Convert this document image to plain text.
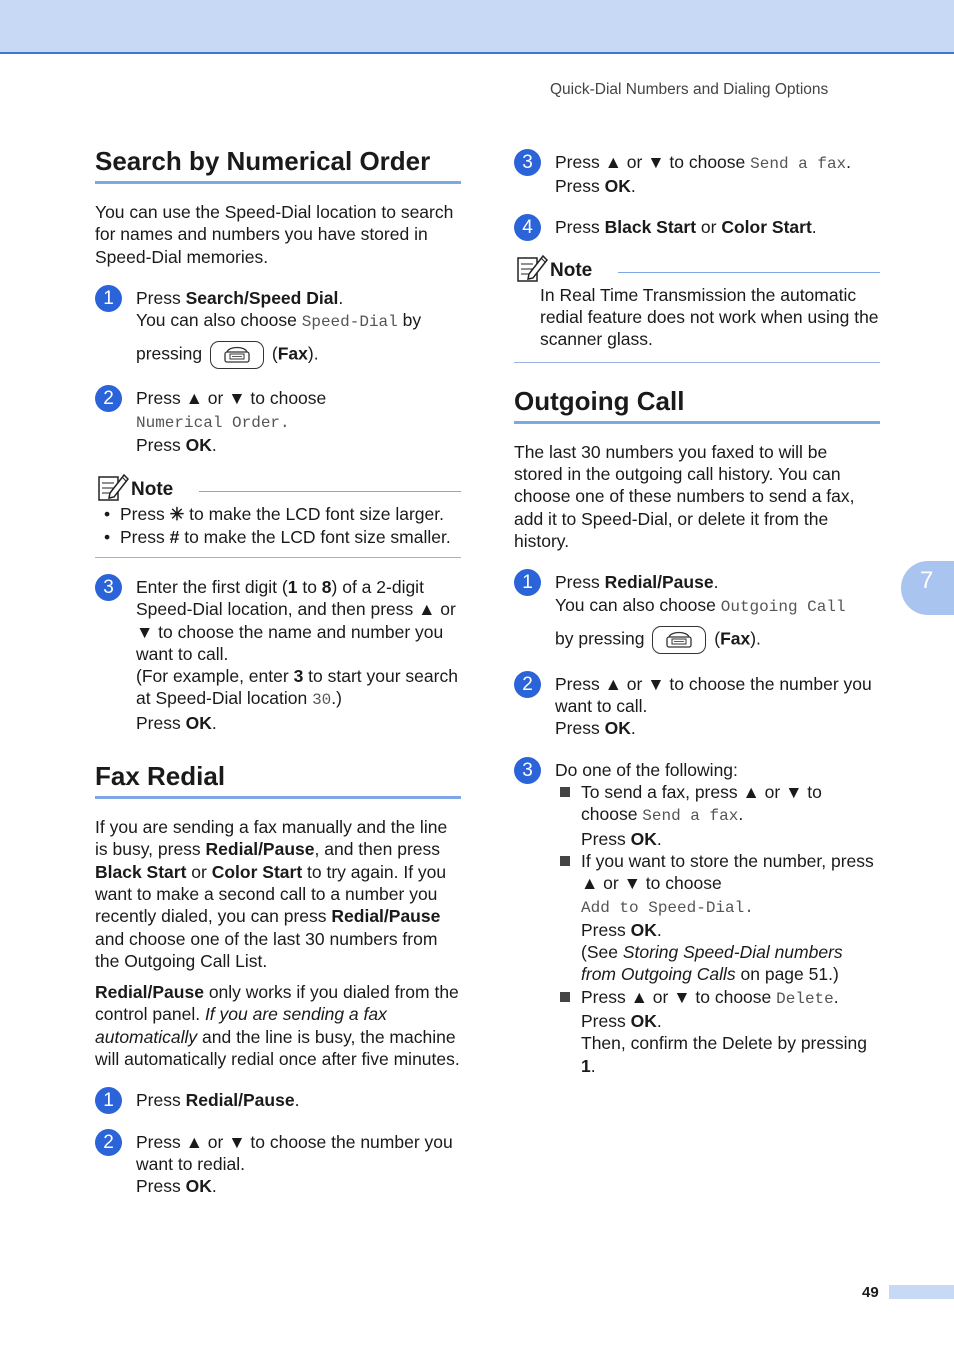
Quick-Dial Numbers and Dialing Options
Search by Numerical Order

You can use the Speed-Dial location to search for names and numbers you have stored in Speed-Dial memories.

1	Press Search/Speed Dial.

You can also choose Speed-Dial by

pressing	(Fax).

2	Press ▲ or ▼ to choose

Numerical Order.

Press OK.

Note

• Press ✳ to make the LCD font size larger.

• Press # to make the LCD font size smaller.

3	Enter the first digit (1 to 8) of a 2-digit Speed-Dial location, and then press ▲ or ▼ to choose the name and number you want to call.

(For example, enter 3 to start your search at Speed-Dial location 30.)

Press OK.

Fax Redial

If you are sending a fax manually and the line is busy, press Redial/Pause, and then press Black Start or Color Start to try again. If you want to make a second call to a number you recently dialed, you can press Redial/Pause and choose one of the last 30 numbers from the Outgoing Call List.

Redial/Pause only works if you dialed from the control panel. If you are sending a fax automatically and the line is busy, the machine will automatically redial once after five minutes.

1	Press Redial/Pause.

2	Press ▲ or ▼ to choose the number you want to redial.

Press OK.

3	Press ▲ or ▼ to choose Send a fax.

Press OK.

4	Press Black Start or Color Start.

Note

In Real Time Transmission the automatic redial feature does not work when using the scanner glass.

Outgoing Call

The last 30 numbers you faxed to will be stored in the outgoing call history. You can choose one of these numbers to send a fax, add it to Speed-Dial, or delete it from the history.

1	Press Redial/Pause.

You can also choose Outgoing Call

by pressing	(Fax).

2	Press ▲ or ▼ to choose the number you want to call.

Press OK.

3	Do one of the following:

To send a fax, press ▲ or ▼ to choose Send a fax.

Press OK.

If you want to store the number, press ▲ or ▼ to choose

Add to Speed-Dial.

Press OK.

(See Storing Speed-Dial numbers from Outgoing Calls on page 51.)

Press ▲ or ▼ to choose Delete.

Press OK.

Then, confirm the Delete by pressing 1.

7
49
